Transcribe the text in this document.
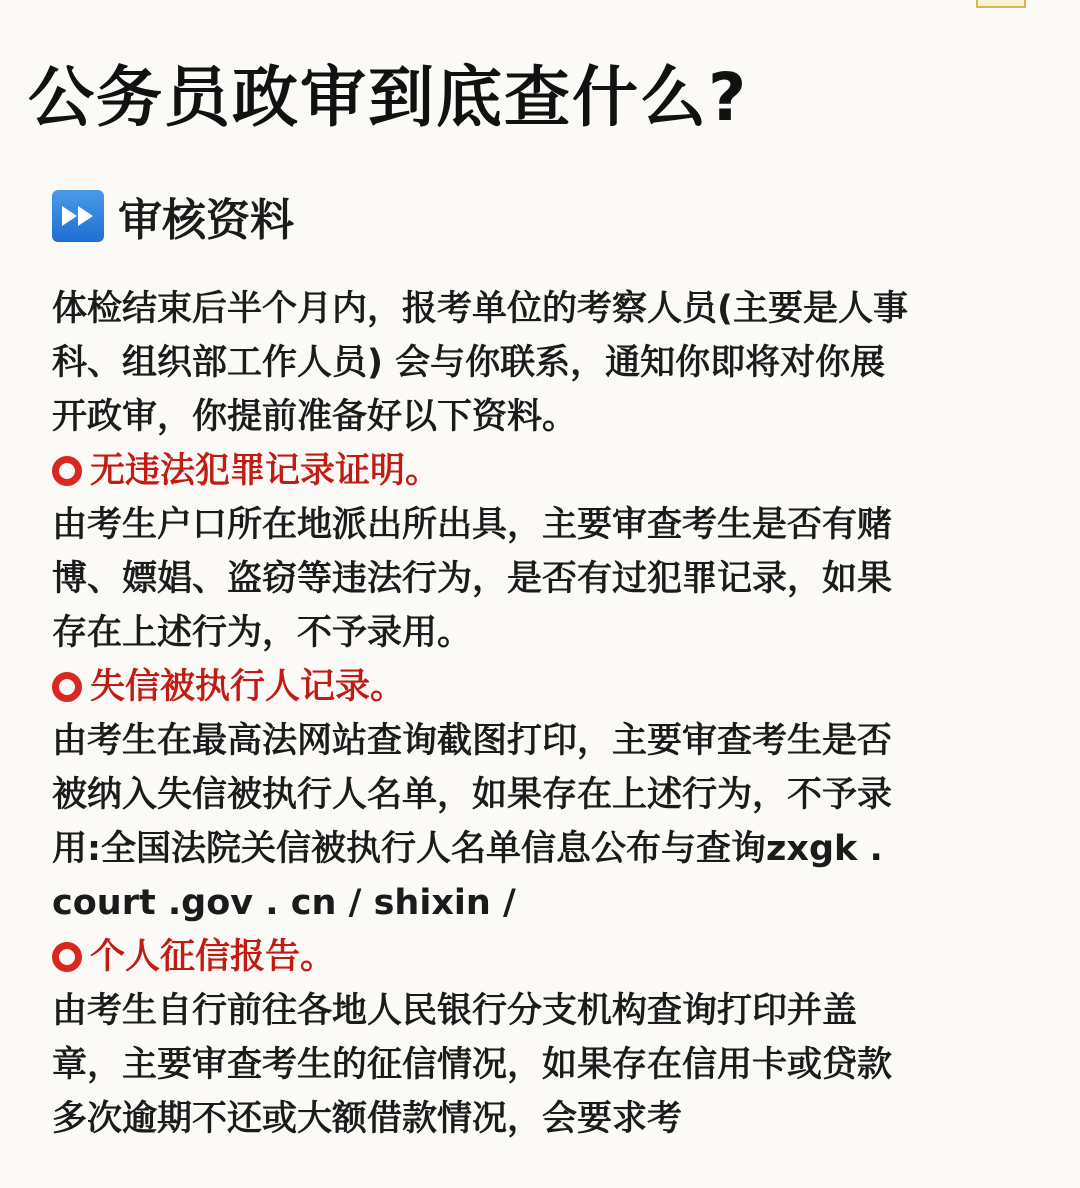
公务员政审到底查什么?
审核资料
体检结束后半个月内，报考单位的考察人员(主要是人事
科、组织部工作人员) 会与你联系，通知你即将对你展
开政审，你提前准备好以下资料。
无违法犯罪记录证明。
由考生户口所在地派出所出具，主要审查考生是否有赌
博、嫖娼、盗窃等违法行为，是否有过犯罪记录，如果
存在上述行为，不予录用。
失信被执行人记录。
由考生在最高法网站查询截图打印，主要审查考生是否
被纳入失信被执行人名单，如果存在上述行为，不予录
用:全国法院关信被执行人名单信息公布与查询zxgk .
court .gov . cn / shixin /
个人征信报告。
由考生自行前往各地人民银行分支机构查询打印并盖
章，主要审查考生的征信情况，如果存在信用卡或贷款
多次逾期不还或大额借款情况，会要求考
